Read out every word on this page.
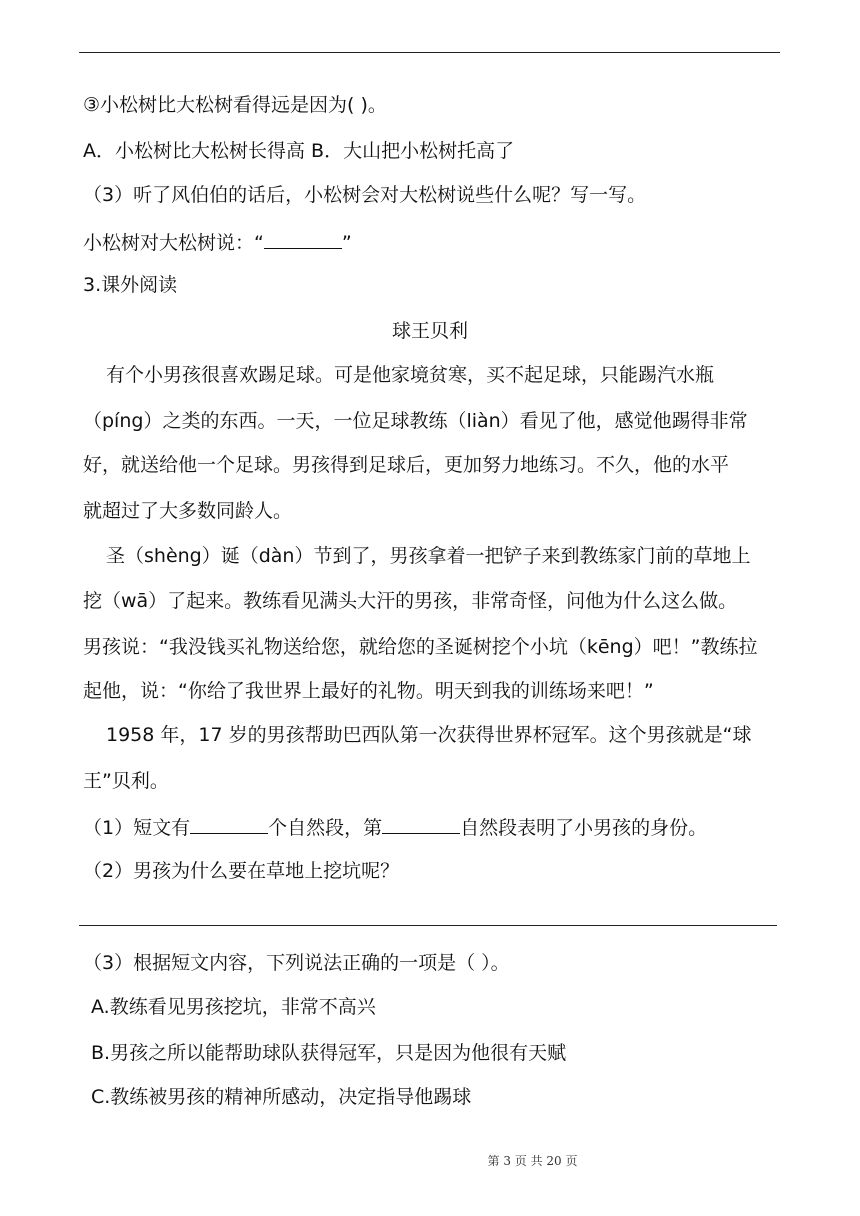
③小松树比大松树看得远是因为( )。
A．小松树比大松树长得高 B．大山把小松树托高了
（3）听了风伯伯的话后，小松树会对大松树说些什么呢？写一写。
小松树对大松树说：“	”
3.课外阅读
球王贝利
有个小男孩很喜欢踢足球。可是他家境贫寒，买不起足球，只能踢汽水瓶
（píng）之类的东西。一天，一位足球教练（liàn）看见了他，感觉他踢得非常
好，就送给他一个足球。男孩得到足球后，更加努力地练习。不久，他的水平
就超过了大多数同龄人。
圣（shèng）诞（dàn）节到了，男孩拿着一把铲子来到教练家门前的草地上
挖（wā）了起来。教练看见满头大汗的男孩，非常奇怪，问他为什么这么做。
男孩说：“我没钱买礼物送给您，就给您的圣诞树挖个小坑（kēng）吧！”教练拉
起他，说：“你给了我世界上最好的礼物。明天到我的训练场来吧！”
1958 年，17 岁的男孩帮助巴西队第一次获得世界杯冠军。这个男孩就是“球
王”贝利。
（1）短文有	个自然段，第	自然段表明了小男孩的身份。
（2）男孩为什么要在草地上挖坑呢？
（3）根据短文内容，下列说法正确的一项是（ ）。
A.教练看见男孩挖坑，非常不高兴
B.男孩之所以能帮助球队获得冠军，只是因为他很有天赋
C.教练被男孩的精神所感动，决定指导他踢球
第 3 页 共 20 页
